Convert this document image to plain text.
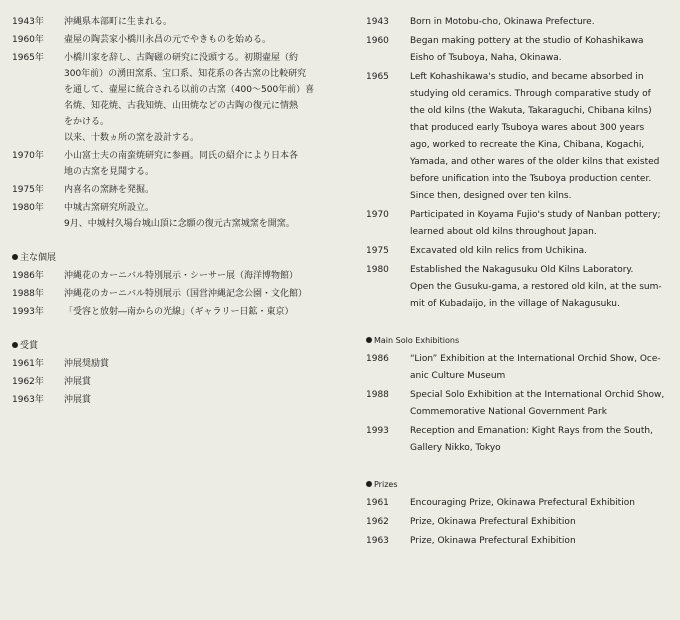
1943年	沖縄県本部町に生まれる。
1960年	壷屋の陶芸家小橋川永昌の元でやきものを始める。
1965年	小橋川家を辞し、古陶磁の研究に没頭する。初期壷屋（約
300年前）の湧田窯系、宝口系、知花系の各古窯の比較研究
を通して、壷屋に統合される以前の古窯（400～500年前）喜
名焼、知花焼、古我知焼、山田焼などの古陶の復元に情熱
をかける。
以来、十数ヵ所の窯を設計する。
1970年	小山富士夫の南蛮焼研究に参画。同氏の紹介により日本各
地の古窯を見聞する。
1975年	内喜名の窯跡を発掘。
1980年	中城古窯研究所設立。
9月、中城村久場台城山頂に念願の復元古窯城窯を開窯。
主な個展
1986年	沖縄花のカーニバル特別展示・シーサー展（海洋博物館）
1988年	沖縄花のカーニバル特別展示（国営沖縄記念公園・文化館）
1993年	「受容と放射―南からの光線」（ギャラリー日鉱・東京）
受賞
1961年	沖展奨励賞
1962年	沖展賞
1963年	沖展賞
1943	Born in Motobu-cho, Okinawa Prefecture.
1960	Began making pottery at the studio of Kohashikawa
Eisho of Tsuboya, Naha, Okinawa.
1965	Left Kohashikawa's studio, and became absorbed in
studying old ceramics. Through comparative study of
the old kilns (the Wakuta, Takaraguchi, Chibana kilns)
that produced early Tsuboya wares about 300 years
ago, worked to recreate the Kina, Chibana, Kogachi,
Yamada, and other wares of the older kilns that existed
before unification into the Tsuboya production center.
Since then, designed over ten kilns.
1970	Participated in Koyama Fujio's study of Nanban pottery;
learned about old kilns throughout Japan.
1975	Excavated old kiln relics from Uchikina.
1980	Established the Nakagusuku Old Kilns Laboratory.
Open the Gusuku-gama, a restored old kiln, at the sum-
mit of Kubadaijo, in the village of Nakagusuku.
Main Solo Exhibitions
1986	“Lion” Exhibition at the International Orchid Show, Oce-
anic Culture Museum
1988	Special Solo Exhibition at the International Orchid Show,
Commemorative National Government Park
1993	Reception and Emanation: Kight Rays from the South,
Gallery Nikko, Tokyo
Prizes
1961	Encouraging Prize, Okinawa Prefectural Exhibition
1962	Prize, Okinawa Prefectural Exhibition
1963	Prize, Okinawa Prefectural Exhibition
